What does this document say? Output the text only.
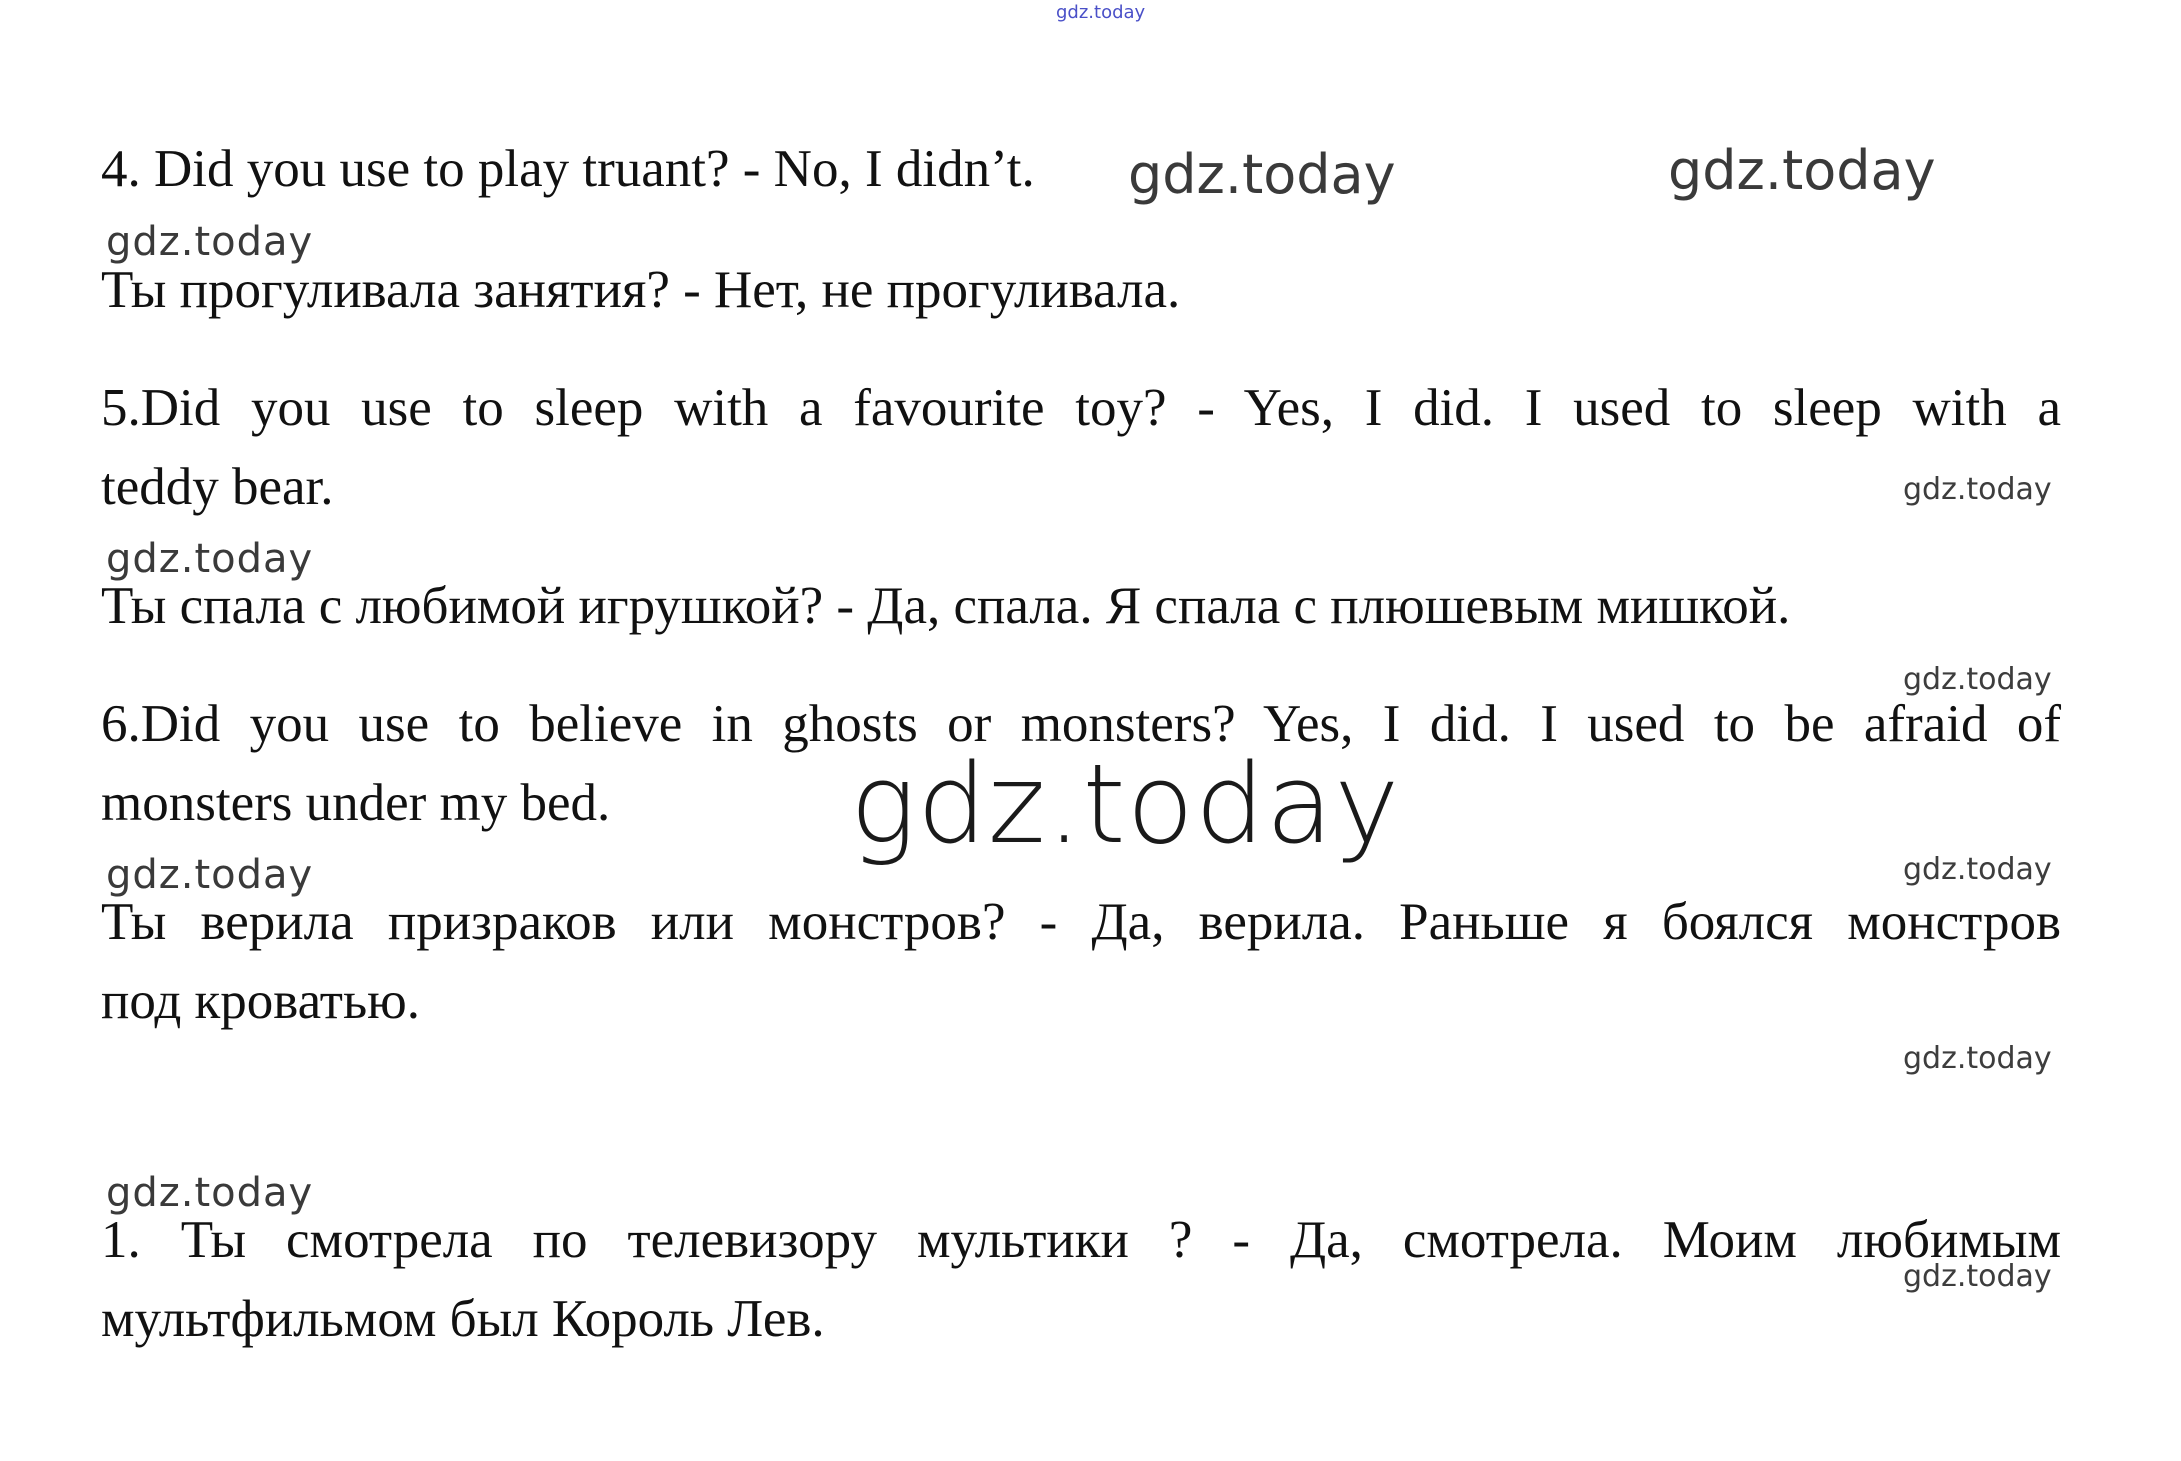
gdz.today
4. Did you use to play truant? - No, I didn’t. gdz.today	gdz.today
gdz.today
Ты прогуливала занятия? - Нет, не прогуливала.
5.Did you use to sleep with a favourite toy? - Yes, I did. I used to sleep with a
teddy bear.	gdz.today
gdz.today
Ты спала с любимой игрушкой? - Да, спала. Я спала с плюшевым мишкой.
gdz.today
6.Did you use to believe in ghosts or monsters? Yes, I did. I used to be afraid of
monsters under my bed. gdz.today
gdz.today	gdz.today
Ты верила призраков или монстров? - Да, верила. Раньше я боялся монстров
под кроватью.
gdz.today
gdz.today
1. Ты смотрела по телевизору мультики ? - Да, смотрела. Моим любимым
gdz.today
мультфильмом был Король Лев.
